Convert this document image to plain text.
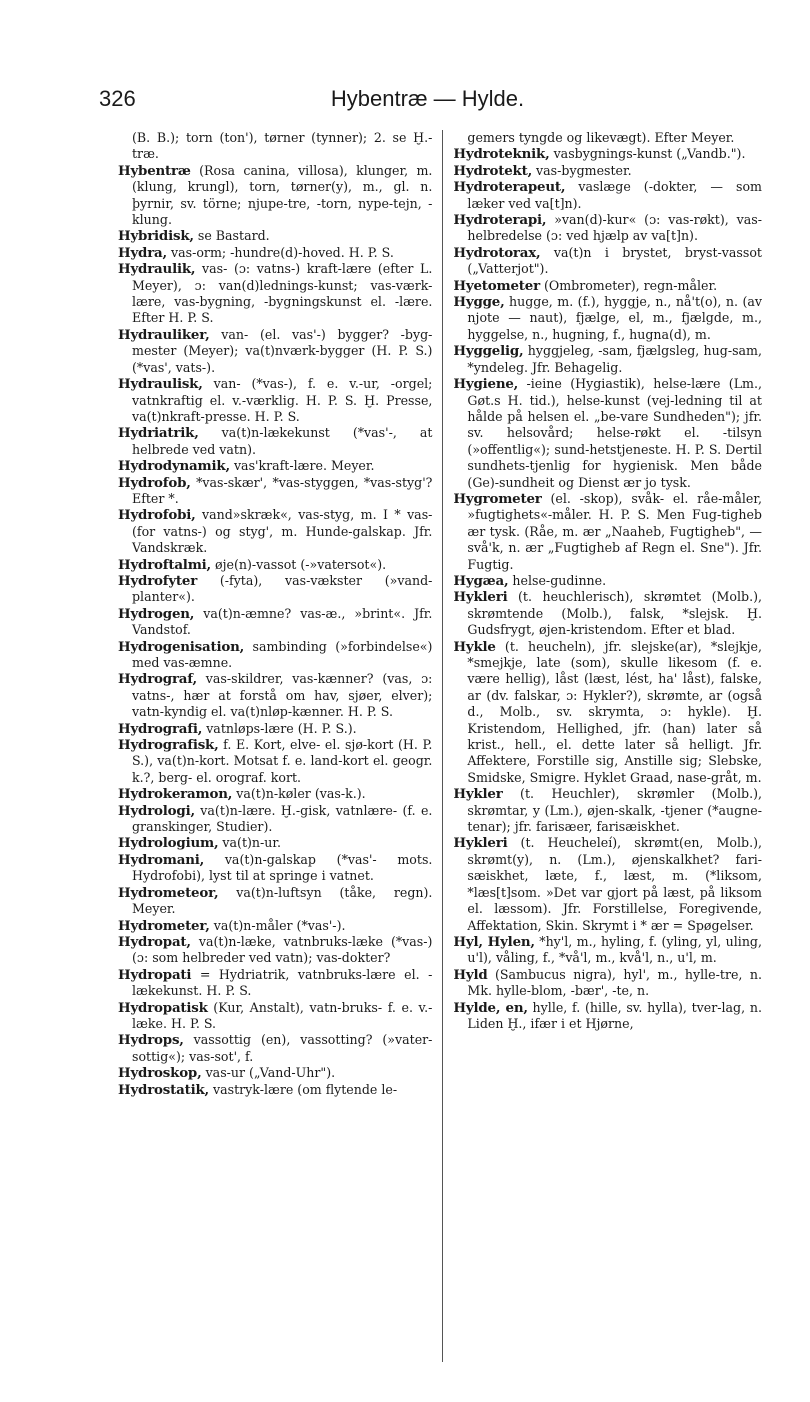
326	Hybentræ — Hylde.

(B. B.); torn (ton'), tørner (tynner); 2. se Ḫ.-træ.

Hybentræ (Rosa canina, villosa), klunger, m. (klung, krungl), torn, tørner(y), m., gl. n. þyrnir, sv. törne; njupe-tre, -torn, nype-tejn, -klung.

Hybridisk, se Bastard.

Hydra, vas-orm; -hundre(d)-hoved. H. P. S.

Hydraulik, vas- (ɔ: vatns-) kraft-lære (efter L. Meyer), ɔ: van(d)lednings-kunst; vas-værk-lære, vas-bygning, -bygningskunst el. -lære. Efter H. P. S.

Hydrauliker, van- (el. vas'-) bygger? -byg-mester (Meyer); va(t)nværk-bygger (H. P. S.) (*vas', vats-).

Hydraulisk, van- (*vas-), f. e. v.-ur, -orgel; vatnkraftig el. v.-værklig. H. P. S. Ḫ. Presse, va(t)nkraft-presse. H. P. S.

Hydriatrik, va(t)n-lækekunst (*vas'-, at helbrede ved vatn).

Hydrodynamik, vas'kraft-lære. Meyer.

Hydrofob, *vas-skær', *vas-styggen, *vas-styg'? Efter *.

Hydrofobi, vand»skræk«, vas-styg, m. I * vas- (for vatns-) og styg', m. Hunde-galskap. Jfr. Vandskræk.

Hydroftalmi, øje(n)-vassot (-»vatersot«).

Hydrofyter (-fyta), vas-vækster (»vand-planter«).

Hydrogen, va(t)n-æmne? vas-æ., »brint«. Jfr. Vandstof.

Hydrogenisation, sambinding (»forbindelse«) med vas-æmne.

Hydrograf, vas-skildrer, vas-kænner? (vas, ɔ: vatns-, hær at forstå om hav, sjøer, elver); vatn-kyndig el. va(t)nløp-kænner. H. P. S.

Hydrografi, vatnløps-lære (H. P. S.).

Hydrografisk, f. E. Kort, elve- el. sjø-kort (H. P. S.), va(t)n-kort. Motsat f. e. land-kort el. geogr. k.?, berg- el. orograf. kort.

Hydrokeramon, va(t)n-køler (vas-k.).

Hydrologi, va(t)n-lære. Ḫ.-gisk, vatnlære- (f. e. granskinger, Studier).

Hydrologium, va(t)n-ur.

Hydromani, va(t)n-galskap (*vas'- mots. Hydrofobi), lyst til at springe i vatnet.

Hydrometeor, va(t)n-luftsyn (tåke, regn). Meyer.

Hydrometer, va(t)n-måler (*vas'-).

Hydropat, va(t)n-læke, vatnbruks-læke (*vas-) (ɔ: som helbreder ved vatn); vas-dokter?

Hydropati = Hydriatrik, vatnbruks-lære el. -lækekunst. H. P. S.

Hydropatisk (Kur, Anstalt), vatn-bruks- f. e. v.-læke. H. P. S.

Hydrops, vassottig (en), vassotting? (»vater-sottig«); vas-sot', f.

Hydroskop, vas-ur („Vand-Uhr").

Hydrostatik, vastryk-lære (om flytende le-

gemers tyngde og likevægt). Efter Meyer.

Hydroteknik, vasbygnings-kunst („Vandb.").

Hydrotekt, vas-bygmester.

Hydroterapeut, vaslæge (-dokter, — som læker ved va[t]n).

Hydroterapi, »van(d)-kur« (ɔ: vas-røkt), vas-helbredelse (ɔ: ved hjælp av va[t]n).

Hydrotorax, va(t)n i brystet, bryst-vassot („Vatterjot").

Hyetometer (Ombrometer), regn-måler.

Hygge, hugge, m. (f.), hyggje, n., nå't(o), n. (av njote — naut), fjælge, el, m., fjælgde, m., hyggelse, n., hugning, f., hugna(d), m.

Hyggelig, hyggjeleg, -sam, fjælgsleg, hug-sam, *yndeleg. Jfr. Behagelig.

Hygiene, -ieine (Hygiastik), helse-lære (Lm., Gøt.s H. tid.), helse-kunst (vej-ledning til at hålde på helsen el. „be-vare Sundheden"); jfr. sv. helsovård; helse-røkt el. -tilsyn (»offentlig«); sund-hetstjeneste. H. P. S. Dertil sundhets-tjenlig for hygienisk. Men både (Ge)-sundheit og Dienst ær jo tysk.

Hygrometer (el. -skop), svåk- el. råe-måler, »fugtighets«-måler. H. P. S. Men Fug-tigheb ær tysk. (Råe, m. ær „Naaheb, Fugtigheb", — svå'k, n. ær „Fugtigheb af Regn el. Sne"). Jfr. Fugtig.

Hygæa, helse-gudinne.

Hykleri (t. heuchlerisch), skrømtet (Molb.), skrømtende (Molb.), falsk, *slejsk. Ḫ. Gudsfrygt, øjen-kristendom. Efter et blad.

Hykle (t. heucheln), jfr. slejske(ar), *slejkje, *smejkje, late (som), skulle likesom (f. e. være hellig), låst (læst, lést, ha' låst), falske, ar (dv. falskar, ɔ: Hykler?), skrømte, ar (også d., Molb., sv. skrymta, ɔ: hykle). Ḫ. Kristendom, Hellighed, jfr. (han) later så krist., hell., el. dette later så helligt. Jfr. Affektere, Forstille sig, Anstille sig; Slebske, Smidske, Smigre. Hyklet Graad, nase-gråt, m.

Hykler (t. Heuchler), skrømler (Molb.), skrømtar, y (Lm.), øjen-skalk, -tjener (*augne-tenar); jfr. farisæer, farisæiskhet.

Hykleri (t. Heucheleí), skrømt(en, Molb.), skrømt(y), n. (Lm.), øjenskalkhet? fari-sæiskhet, læte, f., læst, m. (*liksom, *læs[t]som. »Det var gjort på læst, på liksom el. læssom). Jfr. Forstillelse, Foregivende, Affektation, Skin. Skrymt i * ær = Spøgelser.

Hyl, Hylen, *hy'l, m., hyling, f. (yling, yl, uling, u'l), våling, f., *vå'l, m., kvå'l, n., u'l, m.

Hyld (Sambucus nigra), hyl', m., hylle-tre, n. Mk. hylle-blom, -bær', -te, n.

Hylde, en, hylle, f. (hille, sv. hylla), tver-lag, n. Liden Ḫ., ifær i et Hjørne,
